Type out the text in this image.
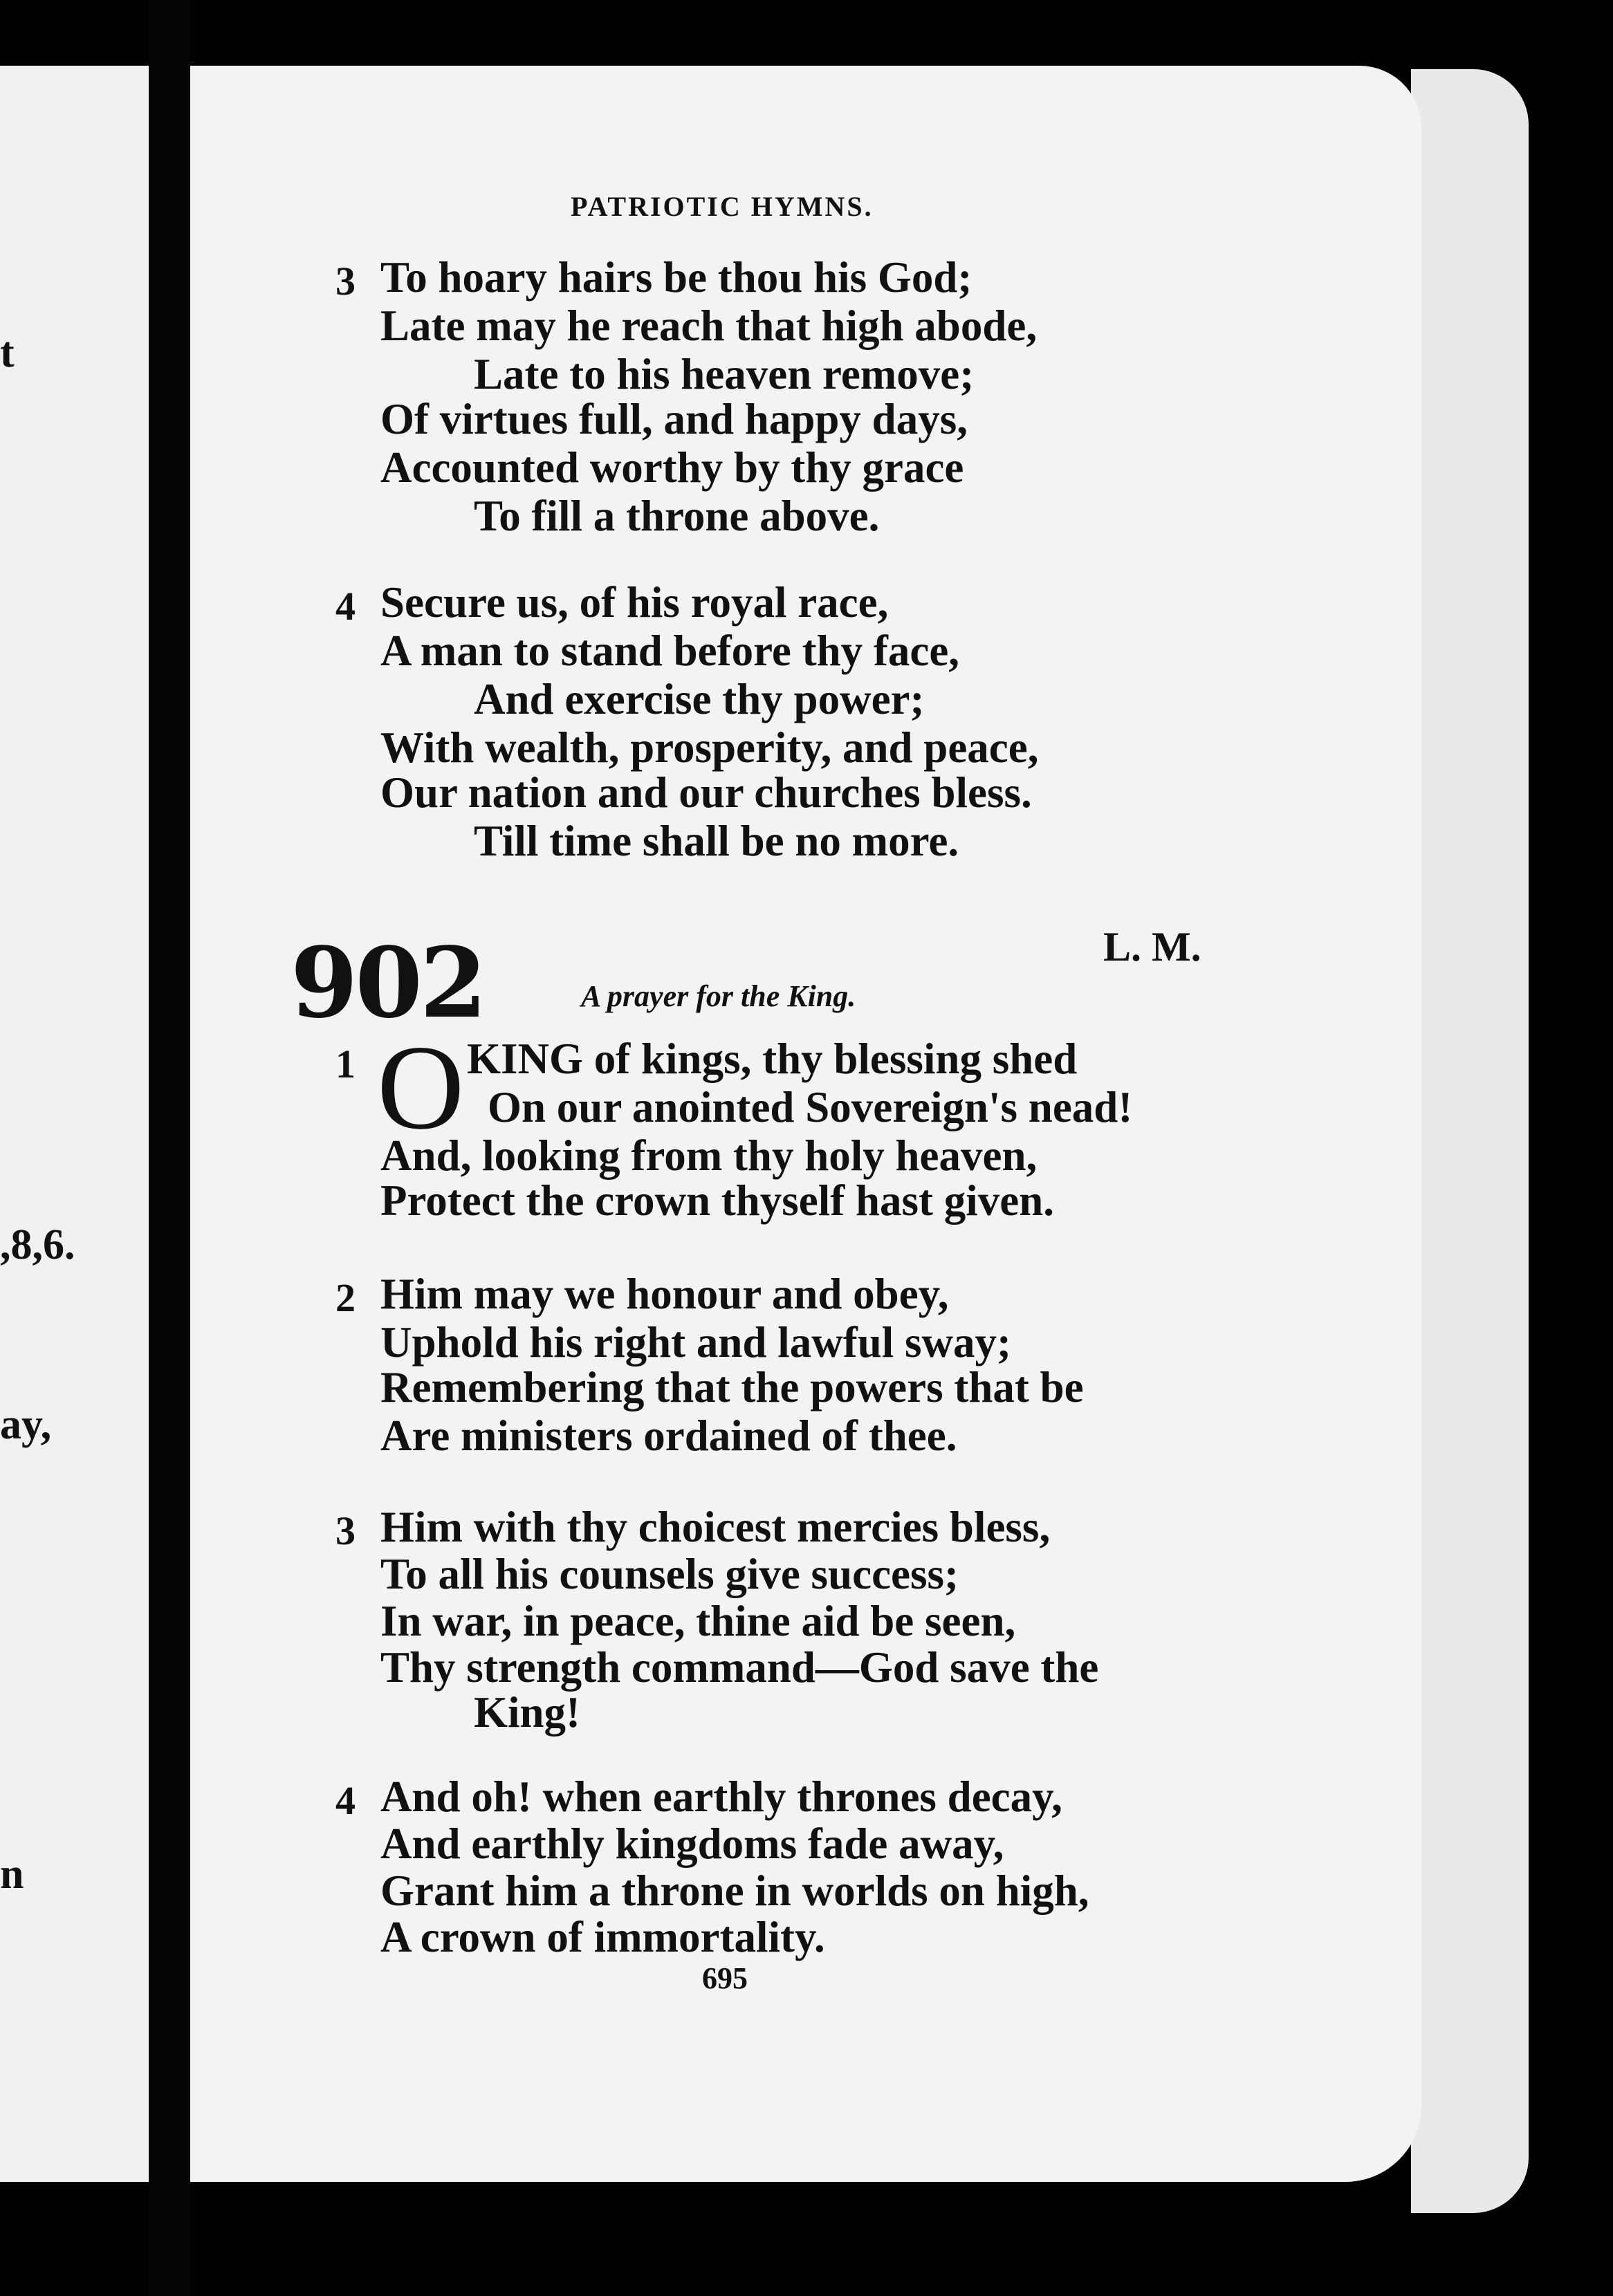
t
,8,6.
ay,
n
PATRIOTIC HYMNS.
3 To hoary hairs be thou his God;
Late may he reach that high abode,
Late to his heaven remove;
Of virtues full, and happy days,
Accounted worthy by thy grace
To fill a throne above.
4 Secure us, of his royal race,
A man to stand before thy face,
And exercise thy power;
With wealth, prosperity, and peace,
Our nation and our churches bless.
Till time shall be no more.
902	L. M.
A prayer for the King.
1 O KING of kings, thy blessing shed
On our anointed Sovereign's nead!
And, looking from thy holy heaven,
Protect the crown thyself hast given.
2 Him may we honour and obey,
Uphold his right and lawful sway;
Remembering that the powers that be
Are ministers ordained of thee.
3 Him with thy choicest mercies bless,
To all his counsels give success;
In war, in peace, thine aid be seen,
Thy strength command—God save the
King!
4 And oh! when earthly thrones decay,
And earthly kingdoms fade away,
Grant him a throne in worlds on high,
A crown of immortality.
695
